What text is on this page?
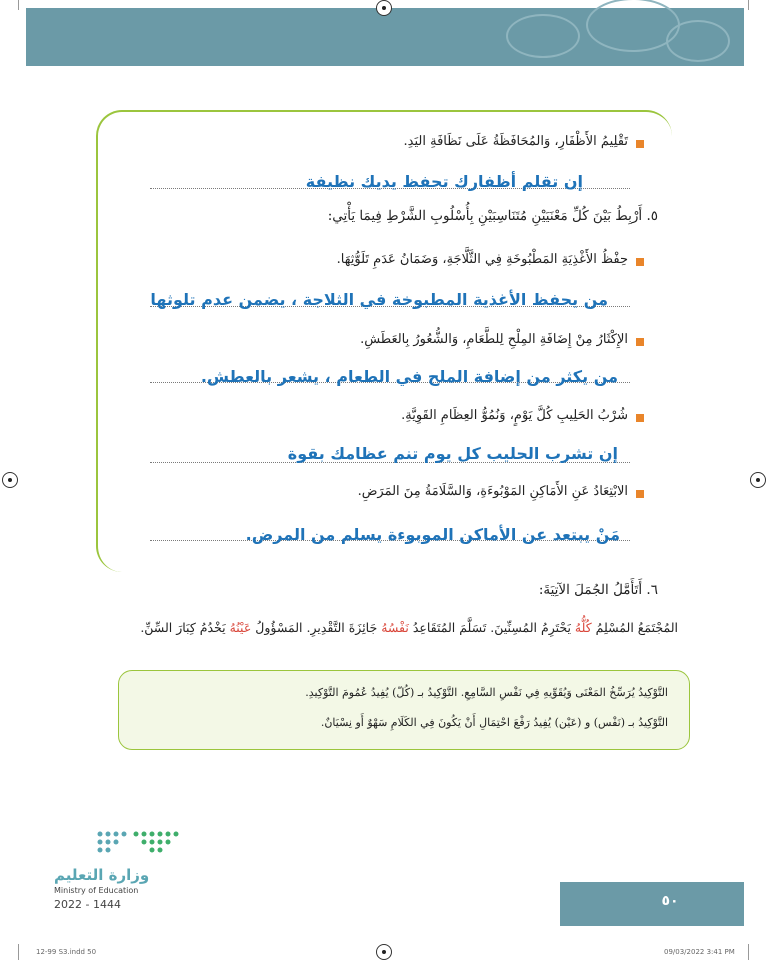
تَقْلِيمُ الأَظْفَارِ، وَالمُحَافَظَةُ عَلَى نَظَافَةِ اليَدِ.
إن تقلم أظفارك تحفظ يديك نظيفة
٥. أَرْبِطُ بَيْنَ كُلِّ مَعْنَيَيْنِ مُتَنَاسِبَيْنِ بِأُسْلُوبِ الشَّرْطِ فِيمَا يَأْتِي:
حِفْظُ الأَغْذِيَةِ المَطْبُوخَةِ فِي الثَّلَّاجَةِ، وَضَمَانُ عَدَمِ تَلَوُّثِهَا.
من يحفظ الأغذية المطبوخة في الثلاجة ، يضمن عدم تلوثها
الإِكْثَارُ مِنْ إِضَافَةِ المِلْحِ لِلطَّعَامِ، وَالشُّعُورُ بِالعَطَشِ.
من يكثر من إضافة الملح في الطعام ، يشعر بالعطش.
شُرْبُ الحَلِيبِ كُلَّ يَوْمٍ، وَنُمُوُّ العِظَامِ القَوِيَّةِ.
إن تشرب الحليب كل يوم تنم عظامك بقوة
الابْتِعَادُ عَنِ الأَمَاكِنِ المَوْبُوءَةِ، وَالسَّلَامَةُ مِنَ المَرَضِ.
مَنْ يبتعد عن الأماكن الموبوءة يسلم من المرض.
٦. أَتَأَمَّلُ الجُمَلَ الآتِيَةَ:
المُجْتَمَعُ المُسْلِمُ كُلُّهُ يَحْتَرِمُ المُسِنِّينَ. تَسَلَّمَ المُتَقَاعِدُ نَفْسُهُ جَائِزَةَ التَّقْدِيرِ. المَسْؤُولُ عَيْنُهُ يَخْدُمُ كِبَارَ السِّنِّ.
التَّوْكِيدُ يُرَسِّخُ المَعْنَى وَيُقَوِّيهِ فِي نَفْسِ السَّامِعِ. التَّوْكِيدُ بـ (كُلّ) يُفِيدُ عُمُومَ التَّوْكِيدِ.
التَّوْكِيدُ بـ (نَفْس) و (عَيْن) يُفِيدُ رَفْعَ احْتِمَالِ أَنْ يَكُونَ فِي الكَلَامِ سَهْوٌ أَو نِسْيَانٌ.
وزارة التعليم
Ministry of Education
2022 - 1444	٥٠
12-99 S3.indd 50	09/03/2022 3:41 PM
